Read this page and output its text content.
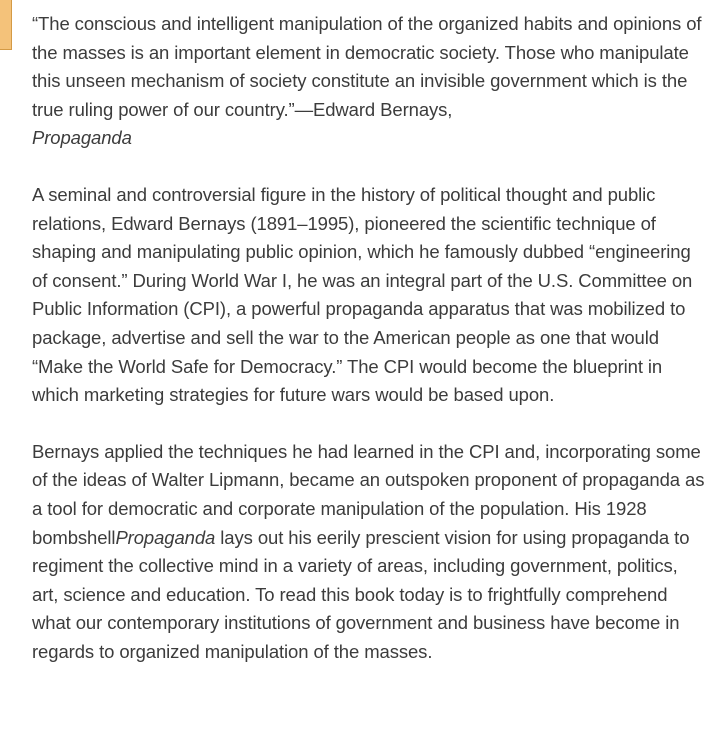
“The conscious and intelligent manipulation of the organized habits and opinions of the masses is an important element in democratic society. Those who manipulate this unseen mechanism of society constitute an invisible government which is the true ruling power of our country.”—Edward Bernays,
Propaganda

A seminal and controversial figure in the history of political thought and public relations, Edward Bernays (1891–1995), pioneered the scientific technique of shaping and manipulating public opinion, which he famously dubbed “engineering of consent.” During World War I, he was an integral part of the U.S. Committee on Public Information (CPI), a powerful propaganda apparatus that was mobilized to package, advertise and sell the war to the American people as one that would “Make the World Safe for Democracy.” The CPI would become the blueprint in which marketing strategies for future wars would be based upon.

Bernays applied the techniques he had learned in the CPI and, incorporating some of the ideas of Walter Lipmann, became an outspoken proponent of propaganda as a tool for democratic and corporate manipulation of the population. His 1928 bombshellPropaganda lays out his eerily prescient vision for using propaganda to regiment the collective mind in a variety of areas, including government, politics, art, science and education. To read this book today is to frightfully comprehend what our contemporary institutions of government and business have become in regards to organized manipulation of the masses.
